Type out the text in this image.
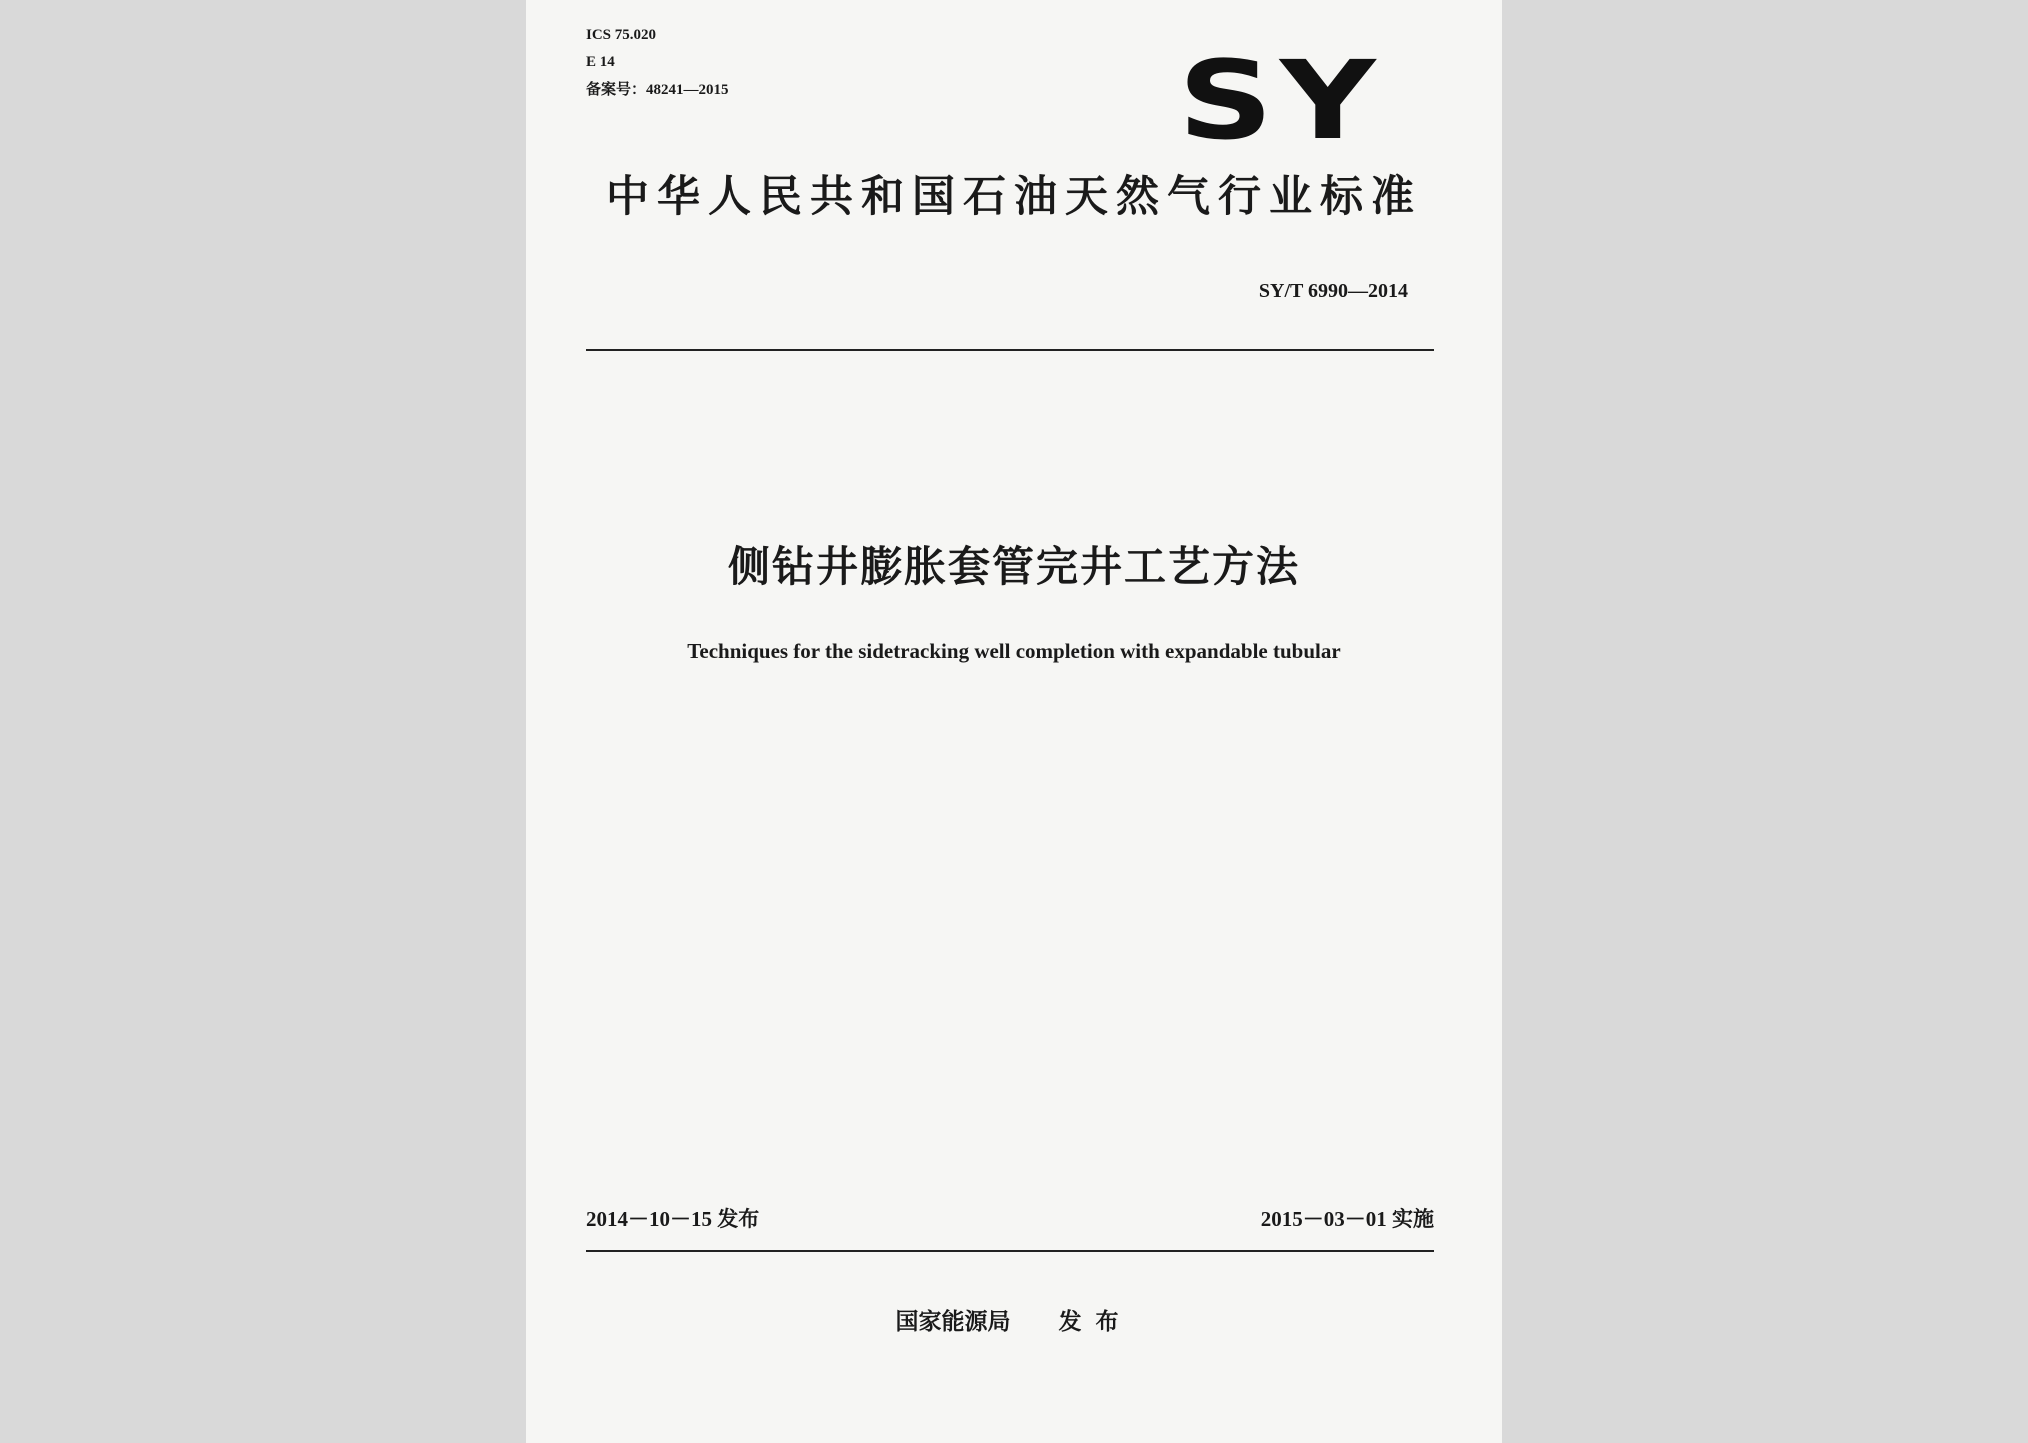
ICS 75.020
E 14
备案号：48241—2015	SY
中华人民共和国石油天然气行业标准
SY/T 6990—2014
侧钻井膨胀套管完井工艺方法
Techniques for the sidetracking well completion with expandable tubular
2014－10－15 发布	2015－03－01 实施
国家能源局 发布
